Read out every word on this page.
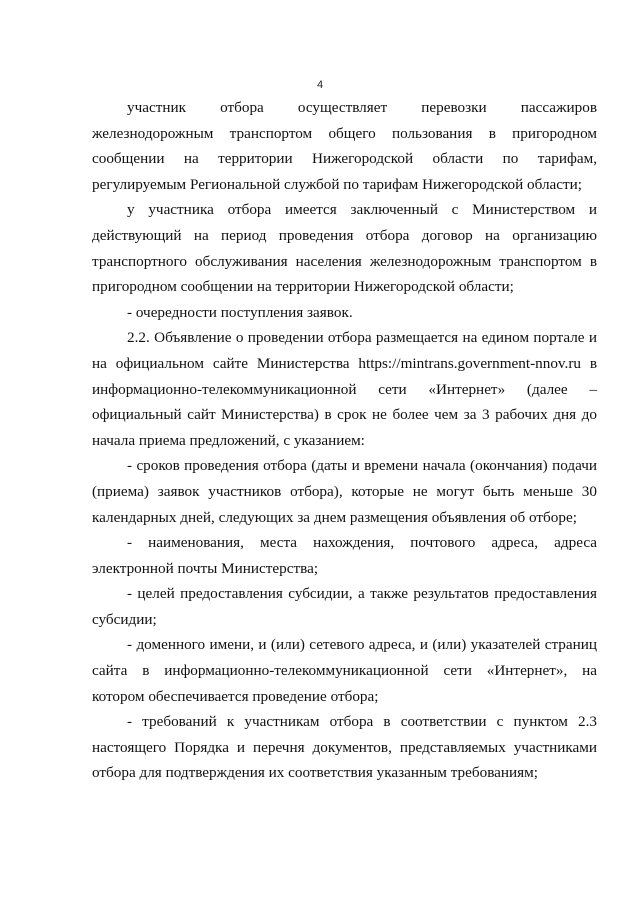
4

участник отбора осуществляет перевозки пассажиров железнодорожным транспортом общего пользования в пригородном сообщении на территории Нижегородской области по тарифам, регулируемым Региональной службой по тарифам Нижегородской области;

у участника отбора имеется заключенный с Министерством и действующий на период проведения отбора договор на организацию транспортного обслуживания населения железнодорожным транспортом в пригородном сообщении на территории Нижегородской области;

- очередности поступления заявок.

2.2. Объявление о проведении отбора размещается на едином портале и на официальном сайте Министерства https://mintrans.government-nnov.ru в информационно-телекоммуникационной сети «Интернет» (далее – официальный сайт Министерства) в срок не более чем за 3 рабочих дня до начала приема предложений, с указанием:

- сроков проведения отбора (даты и времени начала (окончания) подачи (приема) заявок участников отбора), которые не могут быть меньше 30 календарных дней, следующих за днем размещения объявления об отборе;

- наименования, места нахождения, почтового адреса, адреса электронной почты Министерства;

- целей предоставления субсидии, а также результатов предоставления субсидии;

- доменного имени, и (или) сетевого адреса, и (или) указателей страниц сайта в информационно-телекоммуникационной сети «Интернет», на котором обеспечивается проведение отбора;

- требований к участникам отбора в соответствии с пунктом 2.3 настоящего Порядка и перечня документов, представляемых участниками отбора для подтверждения их соответствия указанным требованиям;
